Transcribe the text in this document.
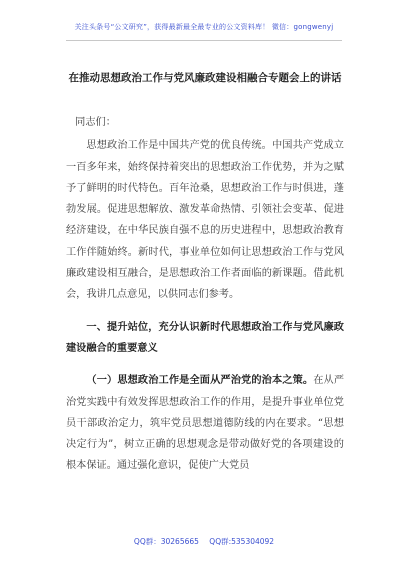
关注头条号“公文研究”，获得最新最全最专业的公文资料库！ 微信：gongwenyj
在推动思想政治工作与党风廉政建设相融合专题会上的讲话

同志们：

思想政治工作是中国共产党的优良传统。中国共产党成立一百多年来，始终保持着突出的思想政治工作优势，并为之赋予了鲜明的时代特色。百年沧桑，思想政治工作与时俱进，蓬勃发展。促进思想解放、激发革命热情、引领社会变革、促进经济建设，在中华民族自强不息的历史进程中，思想政治教育工作伴随始终。新时代，事业单位如何让思想政治工作与党风廉政建设相互融合，是思想政治工作者面临的新课题。借此机会，我讲几点意见，以供同志们参考。

一、提升站位，充分认识新时代思想政治工作与党风廉政建设融合的重要意义

（一）思想政治工作是全面从严治党的治本之策。在从严治党实践中有效发挥思想政治工作的作用，是提升事业单位党员干部政治定力，筑牢党员思想道德防线的内在要求。“思想决定行为”，树立正确的思想观念是带动做好党的各项建设的根本保证。通过强化意识，促使广大党员

QQ群：30265665 QQ群:535304092
